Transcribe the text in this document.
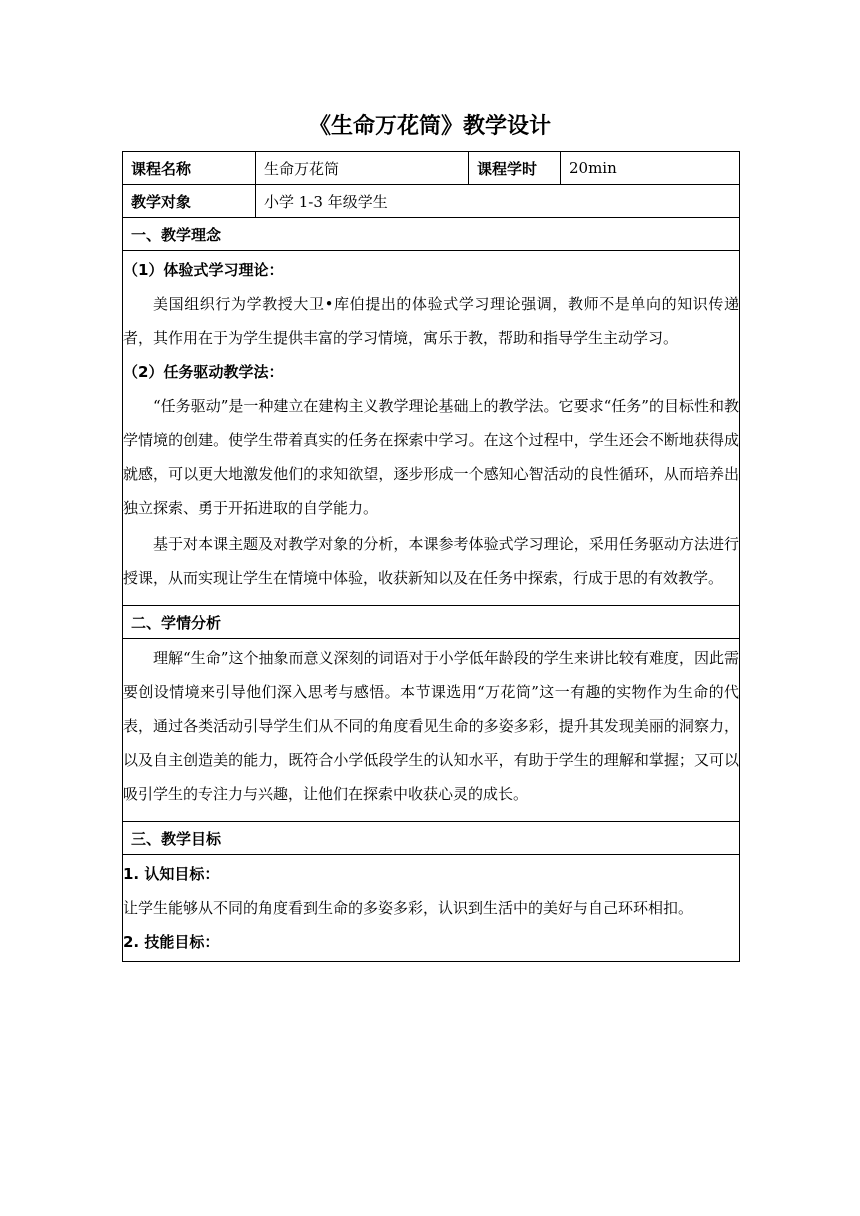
《生命万花筒》教学设计
课程名称	生命万花筒	课程学时	20min
教学对象	小学 1-3 年级学生		
一、教学理念			

（1）体验式学习理论：

美国组织行为学教授大卫•库伯提出的体验式学习理论强调，教师不是单向的知识传递者，其作用在于为学生提供丰富的学习情境，寓乐于教，帮助和指导学生主动学习。

（2）任务驱动教学法：

“任务驱动”是一种建立在建构主义教学理论基础上的教学法。它要求“任务”的目标性和教学情境的创建。使学生带着真实的任务在探索中学习。在这个过程中，学生还会不断地获得成就感，可以更大地激发他们的求知欲望，逐步形成一个感知心智活动的良性循环，从而培养出独立探索、勇于开拓进取的自学能力。

基于对本课主题及对教学对象的分析，本课参考体验式学习理论，采用任务驱动方法进行授课，从而实现让学生在情境中体验，收获新知以及在任务中探索，行成于思的有效教学。			

二、学情分析			

理解“生命”这个抽象而意义深刻的词语对于小学低年龄段的学生来讲比较有难度，因此需要创设情境来引导他们深入思考与感悟。本节课选用“万花筒”这一有趣的实物作为生命的代表，通过各类活动引导学生们从不同的角度看见生命的多姿多彩，提升其发现美丽的洞察力，以及自主创造美的能力，既符合小学低段学生的认知水平，有助于学生的理解和掌握；又可以吸引学生的专注力与兴趣，让他们在探索中收获心灵的成长。			

三、教学目标			

1. 认知目标：

让学生能够从不同的角度看到生命的多姿多彩，认识到生活中的美好与自己环环相扣。

2. 技能目标：			
